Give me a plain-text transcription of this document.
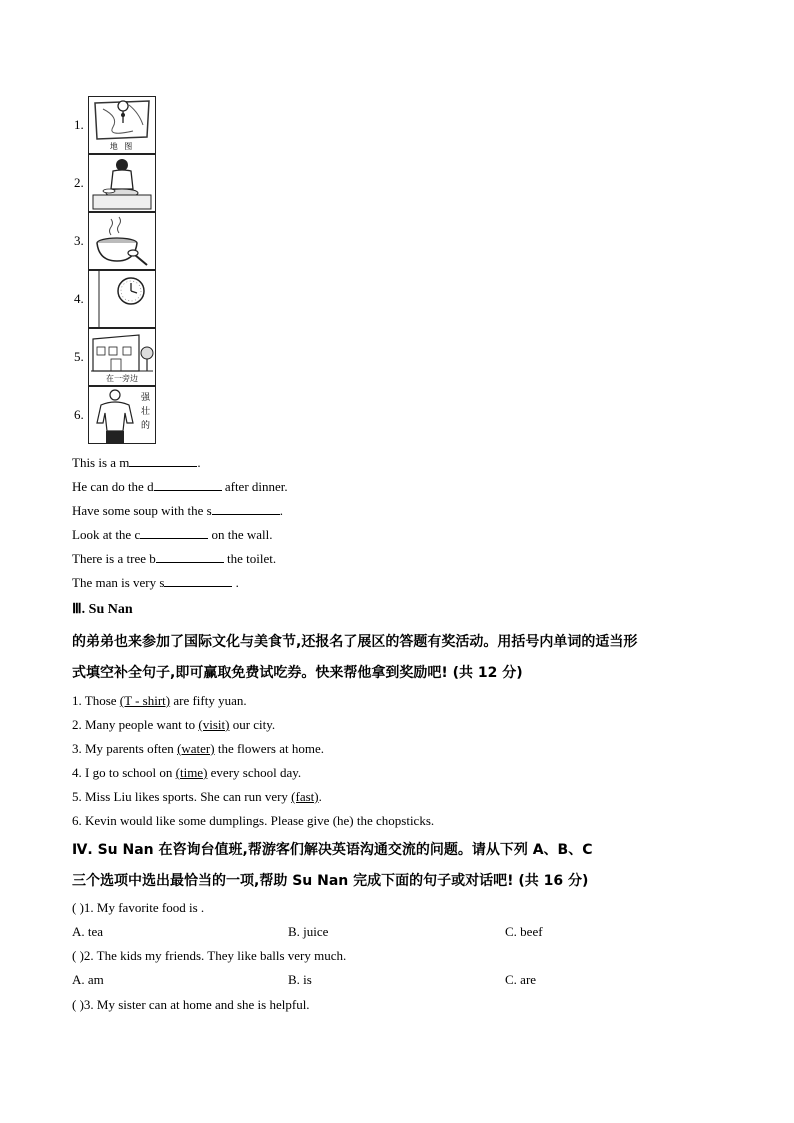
1.
地 图
2.
3.
4.
5.
在一旁边
6.
强 壮 的
This is a m	.
He can do the d	after dinner.
Have some soup with the s	.
Look at the c	on the wall.
There is a tree b	the toilet.
The man is very s	.
Ⅲ. Su Nan
的弟弟也来参加了国际文化与美食节,还报名了展区的答题有奖活动。用括号内单词的适当形
式填空补全句子,即可赢取免费试吃券。快来帮他拿到奖励吧! (共 12 分)
1. Those (T - shirt) are fifty yuan.
2. Many people want to (visit) our city.
3. My parents often (water) the flowers at home.
4. I go to school on (time) every school day.
5. Miss Liu likes sports. She can run very (fast).
6. Kevin would like some dumplings. Please give (he) the chopsticks.
Ⅳ. Su Nan 在咨询台值班,帮游客们解决英语沟通交流的问题。请从下列 A、B、C
三个选项中选出最恰当的一项,帮助 Su Nan 完成下面的句子或对话吧! (共 16 分)
( )1. My favorite food is .
A. tea	B. juice	C. beef
( )2. The kids my friends. They like balls very much.
A. am	B. is	C. are
( )3. My sister can at home and she is helpful.
